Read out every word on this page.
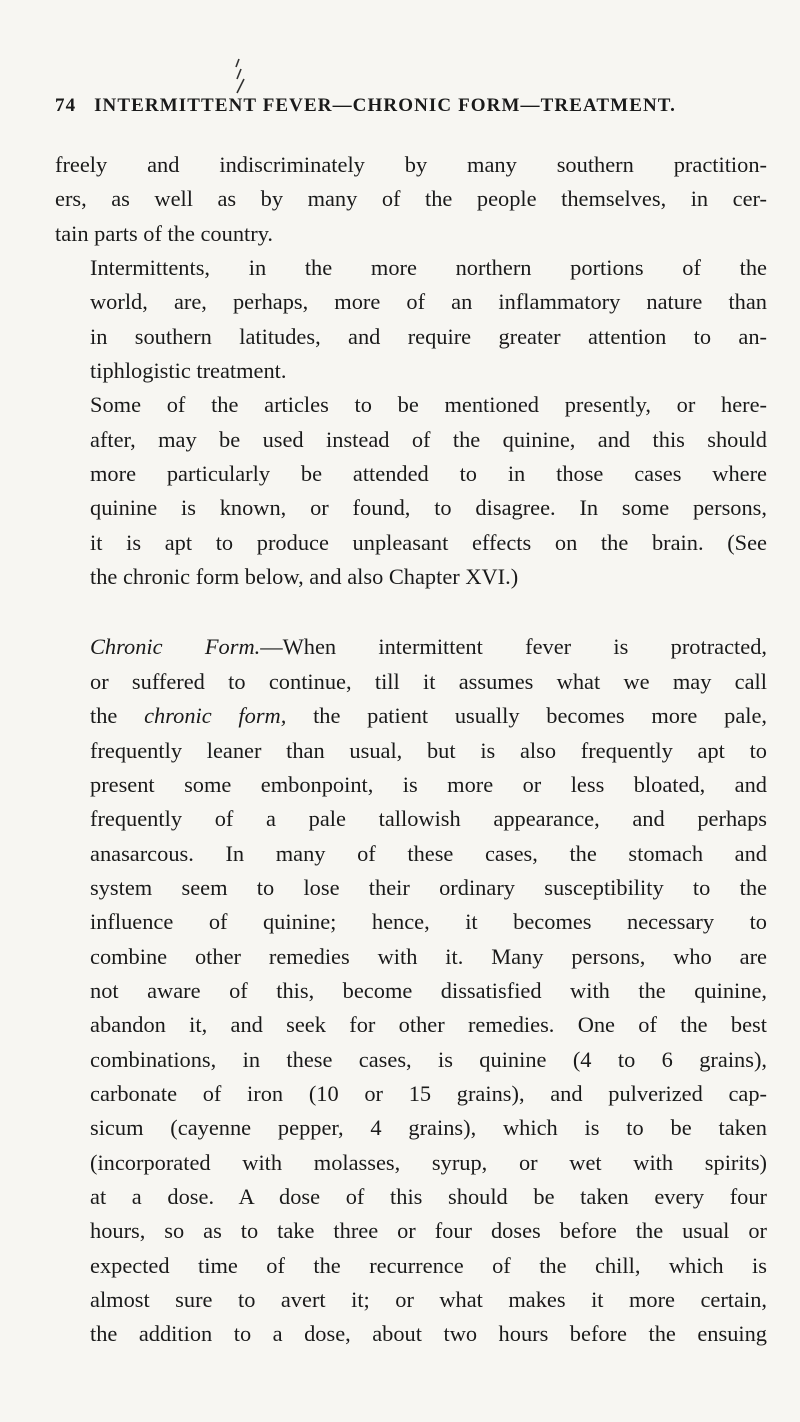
74 INTERMITTENT FEVER—CHRONIC FORM—TREATMENT.

freely and indiscriminately by many southern practition-
ers, as well as by many of the people themselves, in cer-
tain parts of the country.

Intermittents, in the more northern portions of the
world, are, perhaps, more of an inflammatory nature than
in southern latitudes, and require greater attention to an-
tiphlogistic treatment.

Some of the articles to be mentioned presently, or here-
after, may be used instead of the quinine, and this should
more particularly be attended to in those cases where
quinine is known, or found, to disagree. In some persons,
it is apt to produce unpleasant effects on the brain. (See
the chronic form below, and also Chapter XVI.)

Chronic Form.—When intermittent fever is protracted,
or suffered to continue, till it assumes what we may call
the chronic form, the patient usually becomes more pale,
frequently leaner than usual, but is also frequently apt to
present some embonpoint, is more or less bloated, and
frequently of a pale tallowish appearance, and perhaps
anasarcous. In many of these cases, the stomach and
system seem to lose their ordinary susceptibility to the
influence of quinine; hence, it becomes necessary to
combine other remedies with it. Many persons, who are
not aware of this, become dissatisfied with the quinine,
abandon it, and seek for other remedies. One of the best
combinations, in these cases, is quinine (4 to 6 grains),
carbonate of iron (10 or 15 grains), and pulverized cap-
sicum (cayenne pepper, 4 grains), which is to be taken
(incorporated with molasses, syrup, or wet with spirits)
at a dose. A dose of this should be taken every four
hours, so as to take three or four doses before the usual or
expected time of the recurrence of the chill, which is
almost sure to avert it; or what makes it more certain,
the addition to a dose, about two hours before the ensuing
